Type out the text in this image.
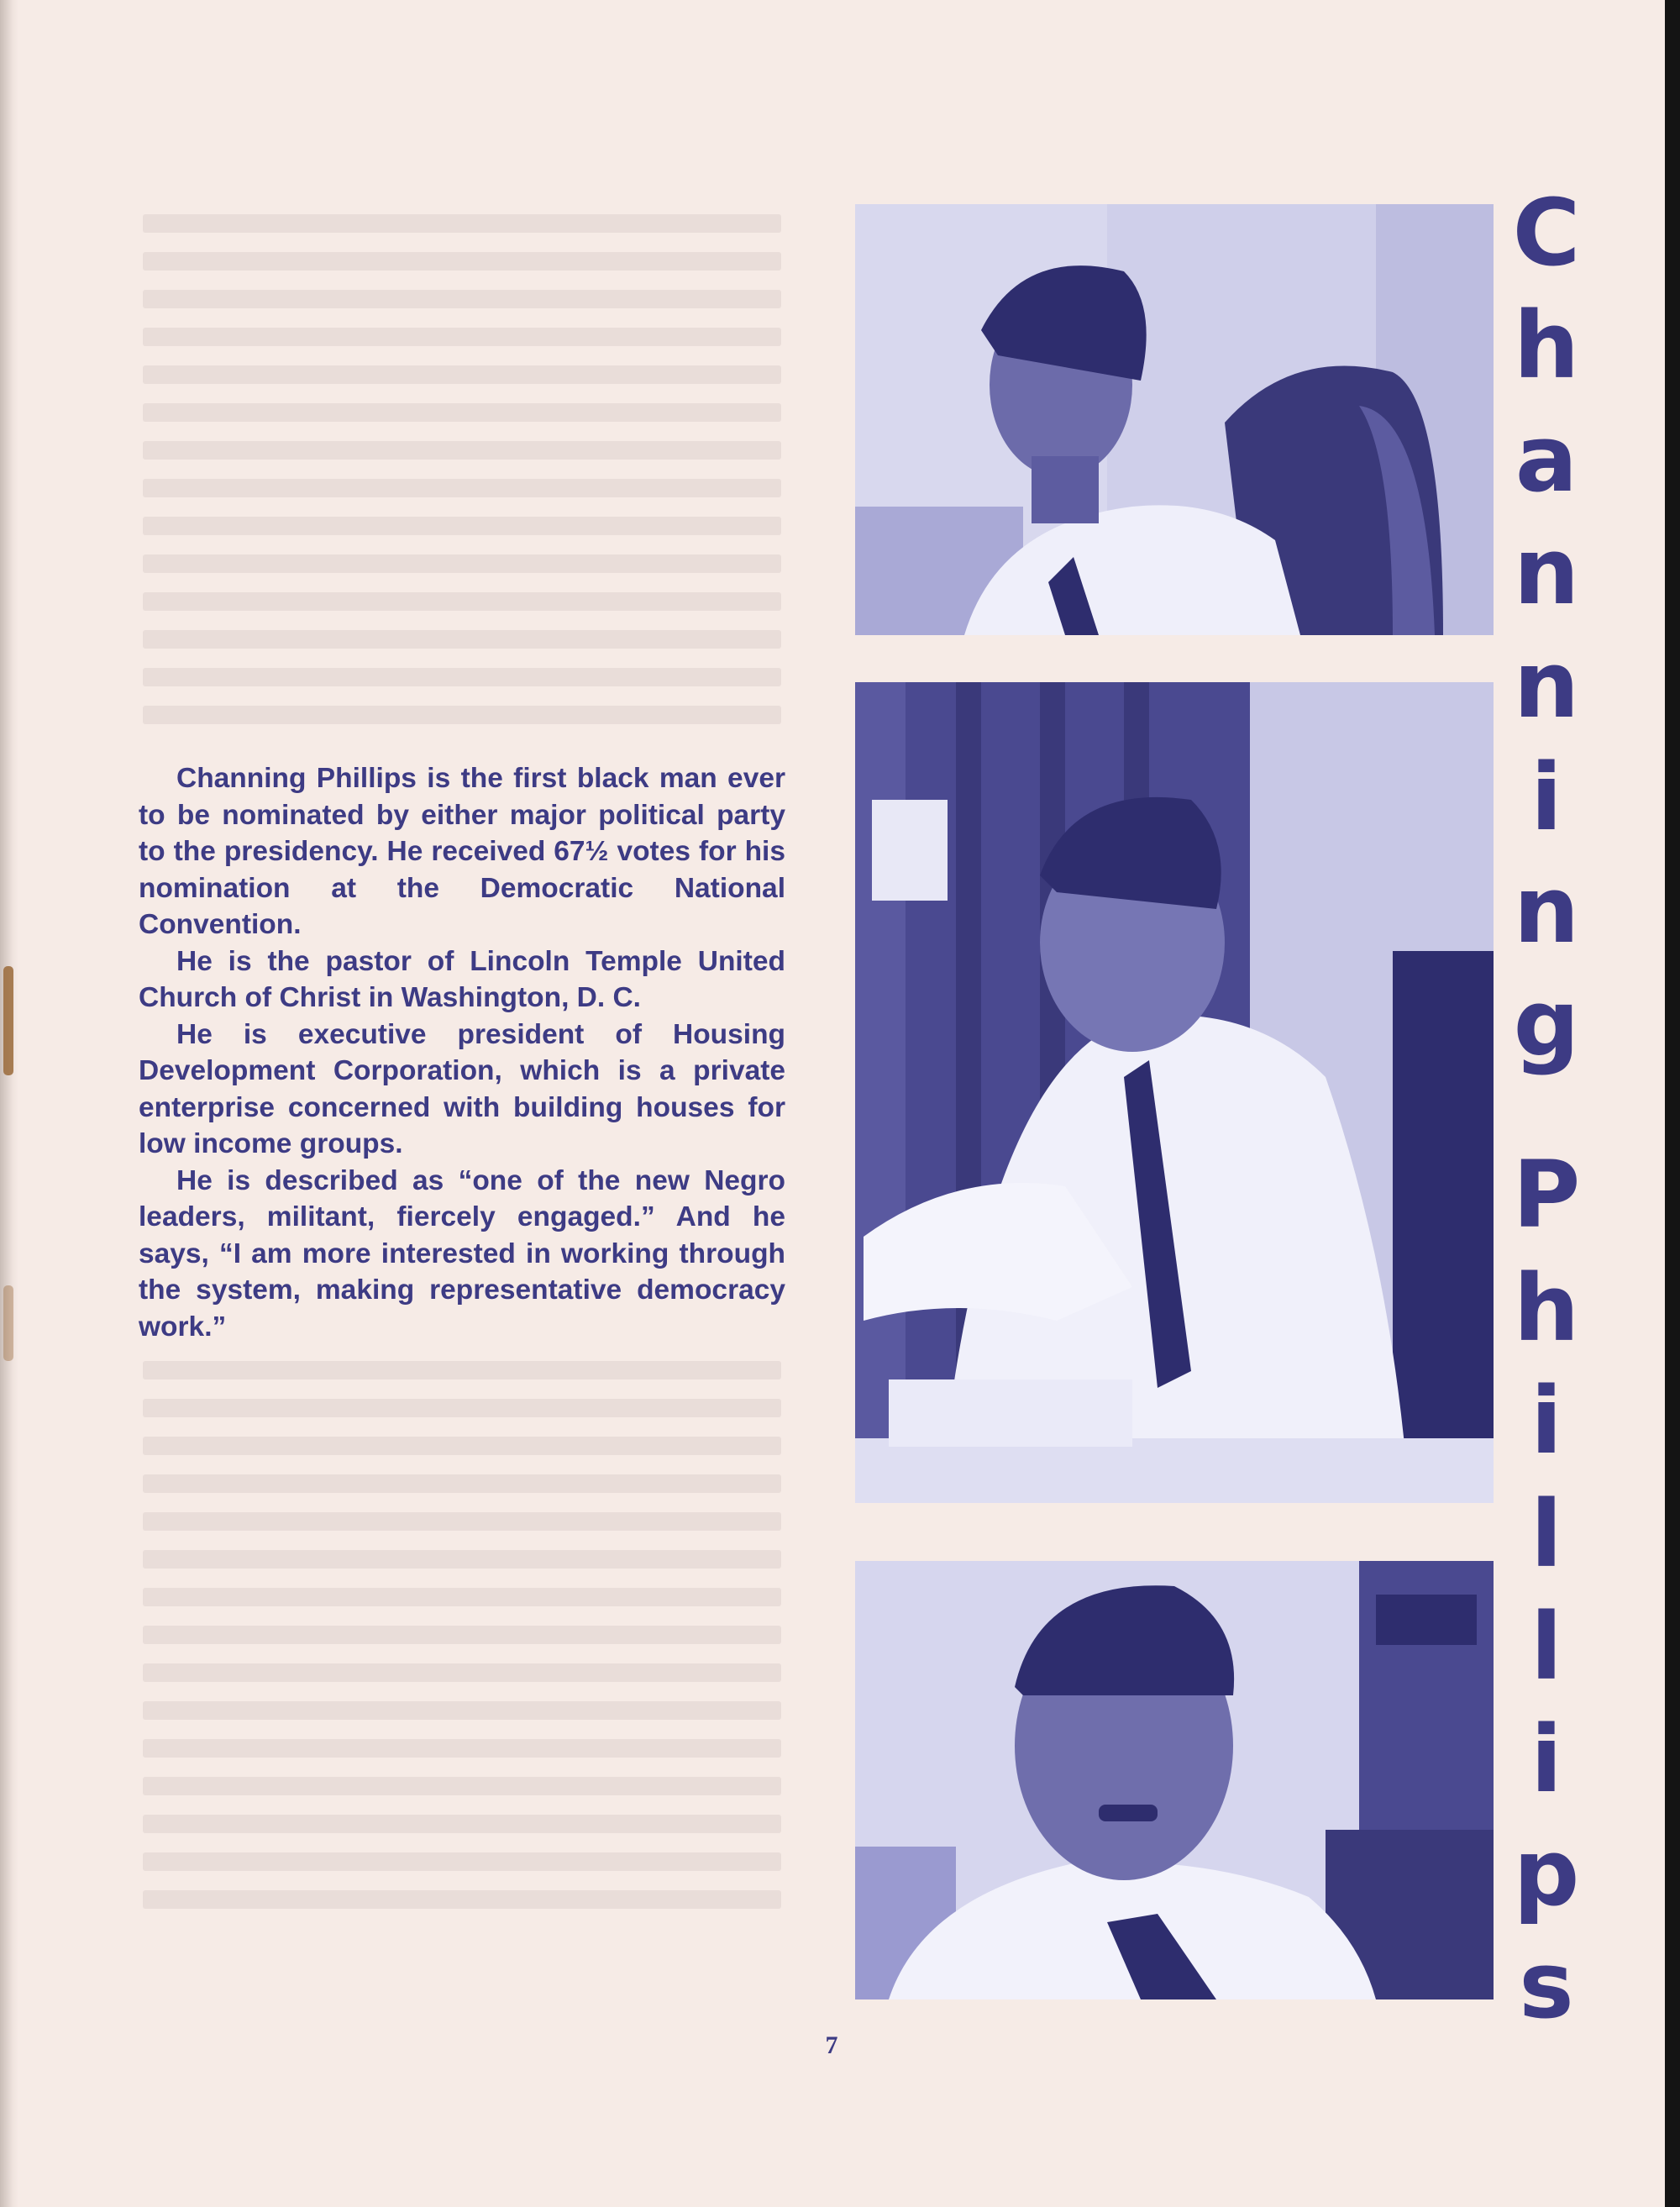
Channing Phillips is the first black man ever to be nominated by either major political party to the presidency. He received 67½ votes for his nomination at the Democratic National Convention.

He is the pastor of Lincoln Temple United Church of Christ in Washington, D. C.

He is executive president of Housing Development Corporation, which is a private enterprise concerned with building houses for low income groups.

He is described as “one of the new Negro leaders, militant, fiercely engaged.” And he says, “I am more interested in working through the system, making representative democracy work.”

C
h
a
n
n
i
n
g
P
h
i
l
l
i
p
s
7
